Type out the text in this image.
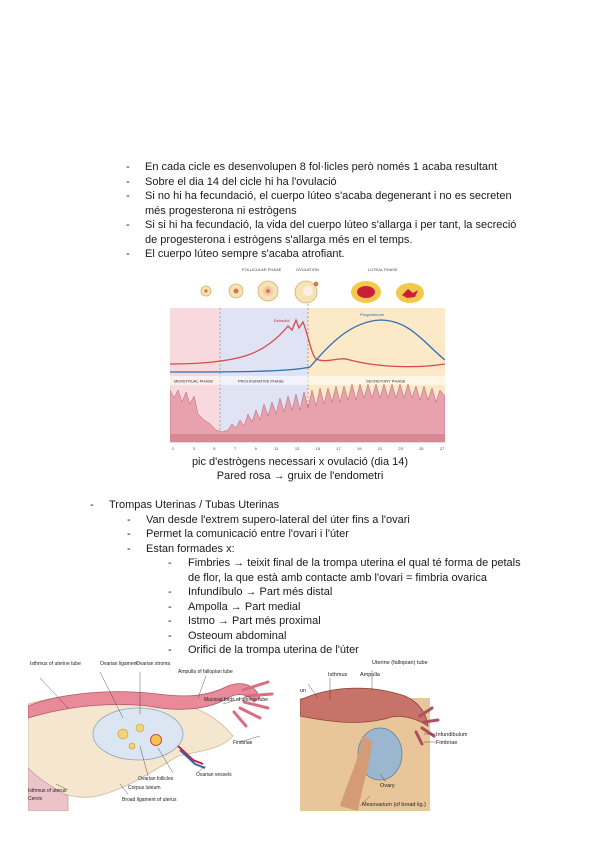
- En cada cicle es desenvolupen 8 fol·licles però només 1 acaba resultant
- Sobre el dia 14 del cicle hi ha l'ovulació
- Si no hi ha fecundació, el cuerpo lúteo s'acaba degenerant i no es secreten més progesterona ni estrògens
- Si si hi ha fecundació, la vida del cuerpo lúteo s'allarga i per tant, la secreció de progesterona i estrògens s'allarga més en el temps.
- El cuerpo lúteo sempre s'acaba atrofiant.
FOLLICULAR PHASE	OVULATION	LUTEAL PHASE
Estradiol
Progesterone
MENSTRUAL PHASE	PROLIFERATIVE PHASE	SECRETORY PHASE
1	3	5	7	9	11	13	15	17	19	21	23	25	27
pic d'estrògens necessari x ovulació (dia 14)
Pared rosa → gruix de l'endometri
- Trompas Uterinas / Tubas Uterinas
- Van desde l'extrem supero-lateral del úter fins a l'ovari
- Permet la comunicació entre l'ovari i l'úter
- Estan formades x:
- Fimbries → teixit final de la trompa uterina el qual té forma de petals de flor, la que està amb contacte amb l'ovari = fimbria ovarica
- Infundíbulo → Part més distal
- Ampolla → Part medial
- Istmo → Part més proximal
- Osteoum abdominal
- Orifici de la trompa uterina de l'úter
Isthmus of uterine tube	Ovarian ligament
Ovarian stroma
Ampulla of fallopian tube
Mucosal folds of uterine tube
Fimbriae
Ovarian follicles
Ovarian vessels
Corpus luteum
Isthmus of uterus
Cervix	Broad ligament of uterus
Uterine (fallopian) tube
Isthmus Ampulla
Infundibulum
Fimbriae
Ovary
Mesovarium (of broad lig.)
un
